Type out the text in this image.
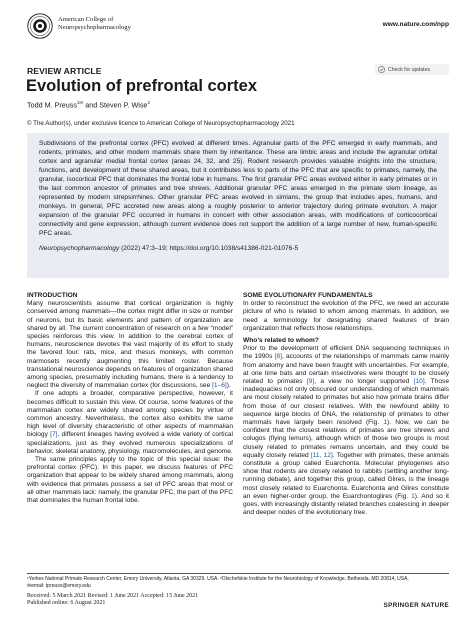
American College of
Neuropsychopharmacology	www.nature.com/npp
REVIEW ARTICLE	Check for updates
Evolution of prefrontal cortex
Todd M. Preuss$^{1✉}$ and Steven P. Wise$^2$
© The Author(s), under exclusive licence to American College of Neuropsychopharmacology 2021

Subdivisions of the prefrontal cortex (PFC) evolved at different times. Agranular parts of the PFC emerged in early mammals, and rodents, primates, and other modern mammals share them by inheritance. These are limbic areas and include the agranular orbital cortex and agranular medial frontal cortex (areas 24, 32, and 25). Rodent research provides valuable insights into the structure, functions, and development of these shared areas, but it contributes less to parts of the PFC that are specific to primates, namely, the granular, isocortical PFC that dominates the frontal lobe in humans. The first granular PFC areas evolved either in early primates or in the last common ancestor of primates and tree shrews. Additional granular PFC areas emerged in the primate stem lineage, as represented by modern strepsirrhines. Other granular PFC areas evolved in simians, the group that includes apes, humans, and monkeys. In general, PFC accreted new areas along a roughly posterior to anterior trajectory during primate evolution. A major expansion of the granular PFC occurred in humans in concert with other association areas, with modifications of corticocortical connectivity and gene expression, although current evidence does not support the addition of a large number of new, human-specific PFC areas.

Neuropsychopharmacology (2022) 47:3–19; https://doi.org/10.1038/s41386-021-01076-5

INTRODUCTION

Many neuroscientists assume that cortical organization is highly conserved among mammals—the cortex might differ in size or number of neurons, but its basic elements and pattern of organization are shared by all. The current concentration of research on a few “model” species reinforces this view. In addition to the cerebral cortex of humans, neuroscience devotes the vast majority of its effort to study the favored four: rats, mice, and rhesus monkeys, with common marmosets recently augmenting this limited roster. Because translational neuroscience depends on features of organization shared among species, presumably including humans, there is a tendency to neglect the diversity of mammalian cortex (for discussions, see [1–6]).

If one adopts a broader, comparative perspective, however, it becomes difficult to sustain this view. Of course, some features of the mammalian cortex are widely shared among species by virtue of common ancestry. Nevertheless, the cortex also exhibits the same high level of diversity characteristic of other aspects of mammalian biology [7], different lineages having evolved a wide variety of cortical specializations, just as they evolved numerous specializations of behavior, skeletal anatomy, physiology, macromolecules, and genome.

The same principles apply to the topic of this special issue: the prefrontal cortex (PFC). In this paper, we discuss features of PFC organization that appear to be widely shared among mammals, along with evidence that primates possess a set of PFC areas that most or all other mammals lack: namely, the granular PFC, the part of the PFC that dominates the human frontal lobe.

SOME EVOLUTIONARY FUNDAMENTALS

In order to reconstruct the evolution of the PFC, we need an accurate picture of who is related to whom among mammals. In addition, we need a terminology for designating shared features of brain organization that reflects those relationships.

Who’s related to whom?

Prior to the development of efficient DNA sequencing techniques in the 1990s [8], accounts of the relationships of mammals came mainly from anatomy and have been fraught with uncertainties. For example, at one time bats and certain insectivores were thought to be closely related to primates [9], a view no longer supported [10]. Those inadequacies not only obscured our understanding of which mammals are most closely related to primates but also how primate brains differ from those of our closest relatives. With the newfound ability to sequence large blocks of DNA, the relationship of primates to other mammals have largely been resolved (Fig. 1). Now, we can be confident that the closest relatives of primates are tree shrews and colugos (flying lemurs), although which of those two groups is most closely related to primates remains uncertain, and they could be equally closely related [11, 12]. Together with primates, these animals constitute a group called Euarchonta. Molecular phylogenies also show that rodents are closely related to rabbits (settling another long-running debate), and together this group, called Glires, is the lineage most closely related to Euarchonta. Euarchonta and Glires constitute an even higher-order group, the Euarchontoglires (Fig. 1). And so it goes, with increasingly distantly related branches coalescing in deeper and deeper nodes of the evolutionary tree.

¹Yerkes National Primate Research Center, Emory University, Atlanta, GA 30329, USA. ²Olschefskie Institute for the Neurobiology of Knowledge, Bethesda, MD 20814, USA.
✉email: tpreuss@emory.edu
Received: 5 March 2021 Revised: 1 June 2021 Accepted: 15 June 2021
Published online: 6 August 2021	SPRINGER NATURE
